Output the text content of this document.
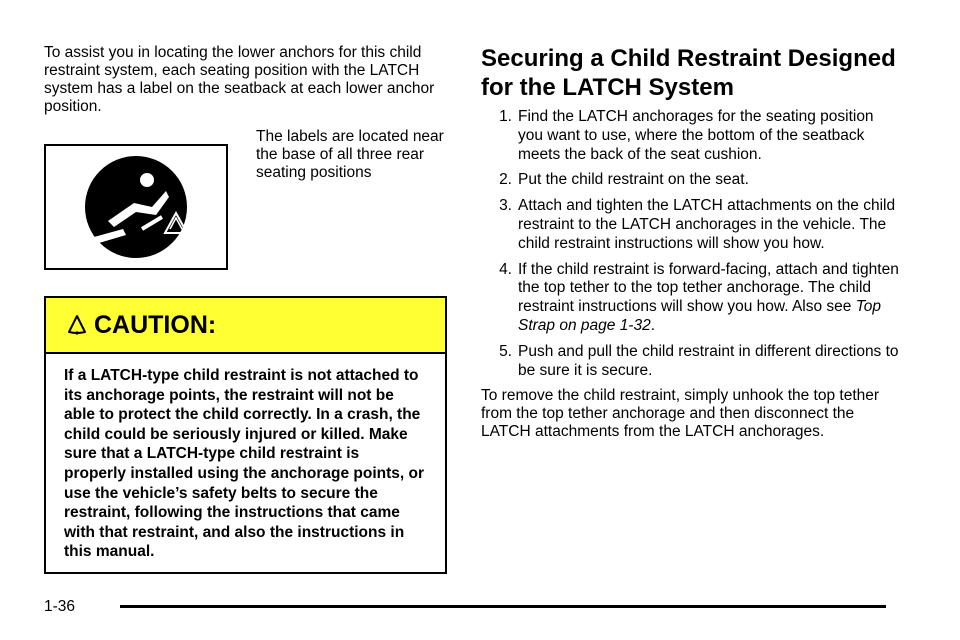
To assist you in locating the lower anchors for this child restraint system, each seating position with the LATCH system has a label on the seatback at each lower anchor position.

The labels are located near the base of all three rear seating positions

CAUTION:
If a LATCH-type child restraint is not attached to its anchorage points, the restraint will not be able to protect the child correctly. In a crash, the child could be seriously injured or killed. Make sure that a LATCH-type child restraint is properly installed using the anchorage points, or use the vehicle’s safety belts to secure the restraint, following the instructions that came with that restraint, and also the instructions in this manual.
Securing a Child Restraint Designed for the LATCH System
1. Find the LATCH anchorages for the seating position you want to use, where the bottom of the seatback meets the back of the seat cushion.
2. Put the child restraint on the seat.
3. Attach and tighten the LATCH attachments on the child restraint to the LATCH anchorages in the vehicle. The child restraint instructions will show you how.
4. If the child restraint is forward-facing, attach and tighten the top tether to the top tether anchorage. The child restraint instructions will show you how. Also see Top Strap on page 1-32.
5. Push and pull the child restraint in different directions to be sure it is secure.

To remove the child restraint, simply unhook the top tether from the top tether anchorage and then disconnect the LATCH attachments from the LATCH anchorages.

1-36
